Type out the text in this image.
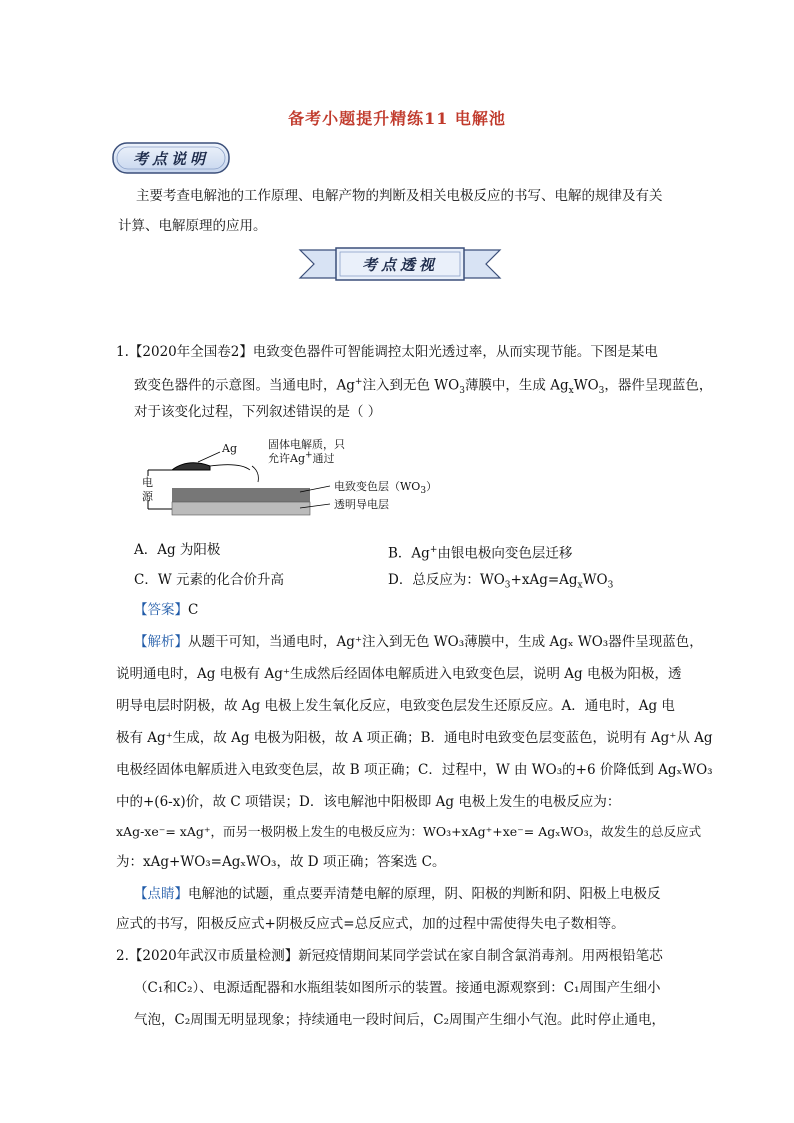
备考小题提升精练11 电解池
考点说明
主要考查电解池的工作原理、电解产物的判断及相关电极反应的书写、电解的规律及有关
计算、电解原理的应用。
考点透视
1.【2020年全国卷2】电致变色器件可智能调控太阳光透过率，从而实现节能。下图是某电
致变色器件的示意图。当通电时，Ag+注入到无色 $WO_3$薄膜中，生成 $Ag_xWO_3$，器件呈现蓝色，
对于该变化过程，下列叙述错误的是（ ）
Ag	固体电解质，只
允许Ag+通过
电
源
电致变色层$(WO_3)$
透明导电层
A．Ag 为阳极	B．Ag+由银电极向变色层迁移
C．W 元素的化合价升高	D．总反应为：$WO_3+xAg=Ag_xWO_3$
【答案】C
【解析】从题干可知，当通电时，Ag⁺注入到无色 WO₃薄膜中，生成 Agₓ WO₃器件呈现蓝色，
说明通电时，Ag 电极有 Ag⁺生成然后经固体电解质进入电致变色层，说明 Ag 电极为阳极，透
明导电层时阴极，故 Ag 电极上发生氧化反应，电致变色层发生还原反应。A．通电时，Ag 电
极有 Ag⁺生成，故 Ag 电极为阳极，故 A 项正确；B．通电时电致变色层变蓝色，说明有 Ag⁺从 Ag
电极经固体电解质进入电致变色层，故 B 项正确；C．过程中，W 由 WO₃的+6 价降低到 AgₓWO₃
中的+(6-x)价，故 C 项错误；D．该电解池中阳极即 Ag 电极上发生的电极反应为：
xAg-xe⁻= xAg⁺，而另一极阴极上发生的电极反应为：WO₃+xAg⁺+xe⁻= AgₓWO₃，故发生的总反应式
为：xAg+WO₃=AgₓWO₃，故 D 项正确；答案选 C。
【点睛】电解池的试题，重点要弄清楚电解的原理，阴、阳极的判断和阴、阳极上电极反
应式的书写，阳极反应式+阴极反应式=总反应式，加的过程中需使得失电子数相等。
2.【2020年武汉市质量检测】新冠疫情期间某同学尝试在家自制含氯消毒剂。用两根铅笔芯
（C₁和C₂）、电源适配器和水瓶组装如图所示的装置。接通电源观察到：C₁周围产生细小
气泡，C₂周围无明显现象；持续通电一段时间后，C₂周围产生细小气泡。此时停止通电，
